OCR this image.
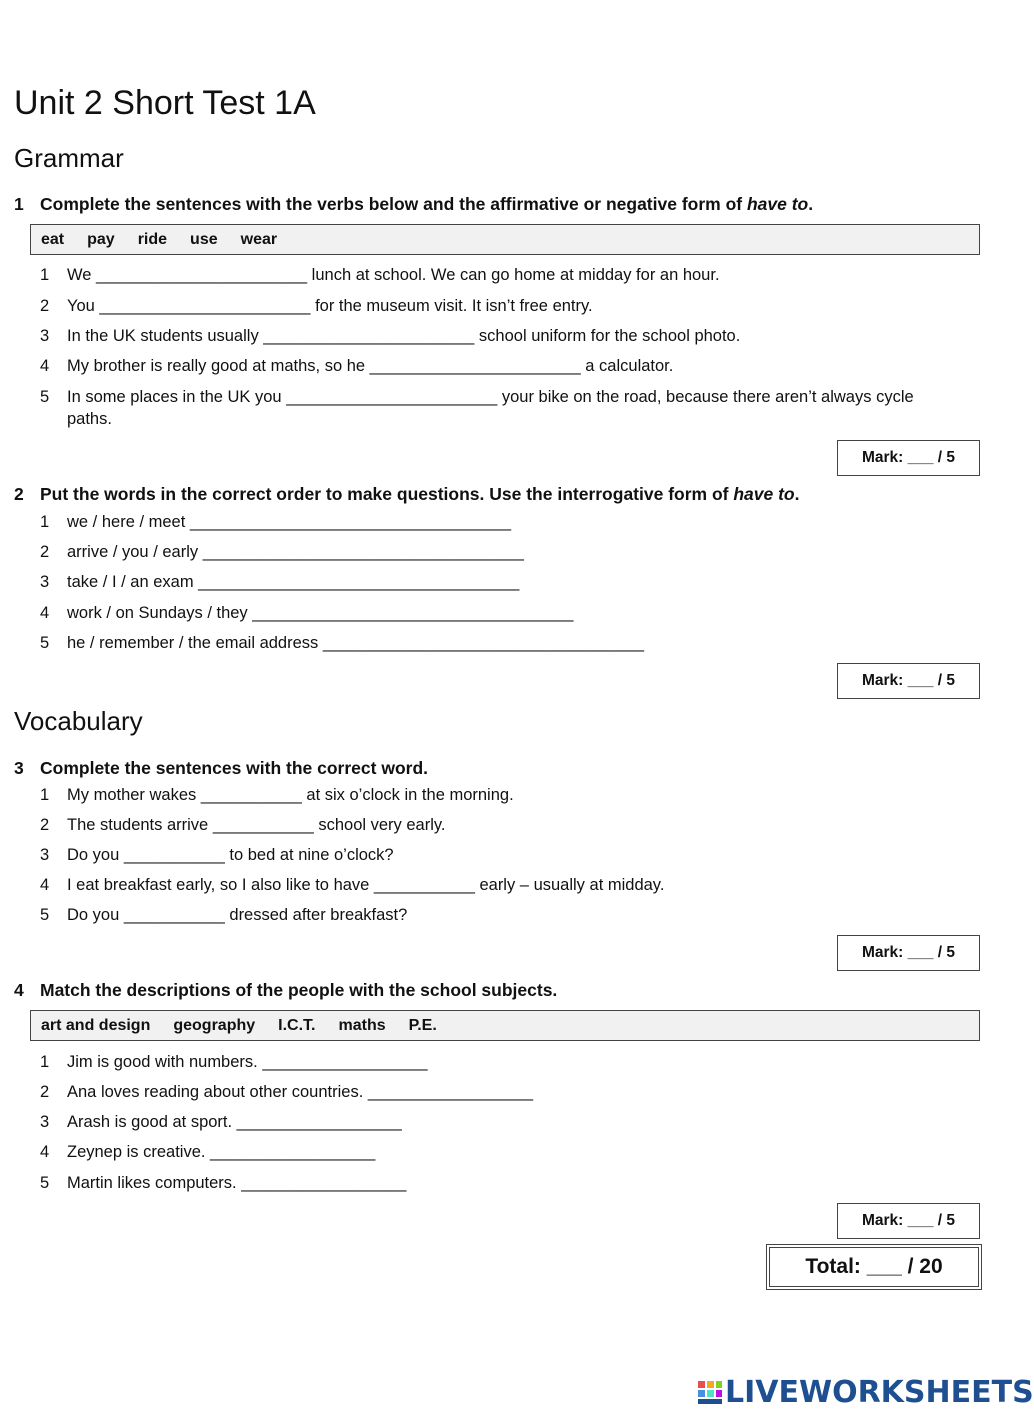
Unit 2 Short Test 1A
Grammar
1 Complete the sentences with the verbs below and the affirmative or negative form of have to.
eat pay ride use wear
1 We _______________________ lunch at school. We can go home at midday for an hour.
2 You _______________________ for the museum visit. It isn’t free entry.
3 In the UK students usually _______________________ school uniform for the school photo.
4 My brother is really good at maths, so he _______________________ a calculator.
5 In some places in the UK you _______________________ your bike on the road, because there aren’t always cycle
paths.
Mark: ___ / 5
2 Put the words in the correct order to make questions. Use the interrogative form of have to.
1 we / here / meet ___________________________________
2 arrive / you / early ___________________________________
3 take / I / an exam ___________________________________
4 work / on Sundays / they ___________________________________
5 he / remember / the email address ___________________________________
Mark: ___ / 5
Vocabulary
3 Complete the sentences with the correct word.
1 My mother wakes ___________ at six o’clock in the morning.
2 The students arrive ___________ school very early.
3 Do you ___________ to bed at nine o’clock?
4 I eat breakfast early, so I also like to have ___________ early – usually at midday.
5 Do you ___________ dressed after breakfast?
Mark: ___ / 5
4 Match the descriptions of the people with the school subjects.
art and design geography I.C.T. maths P.E.
1 Jim is good with numbers. __________________
2 Ana loves reading about other countries. __________________
3 Arash is good at sport. __________________
4 Zeynep is creative. __________________
5 Martin likes computers. __________________
Mark: ___ / 5
Total: ___ / 20
LIVEWORKSHEETS
